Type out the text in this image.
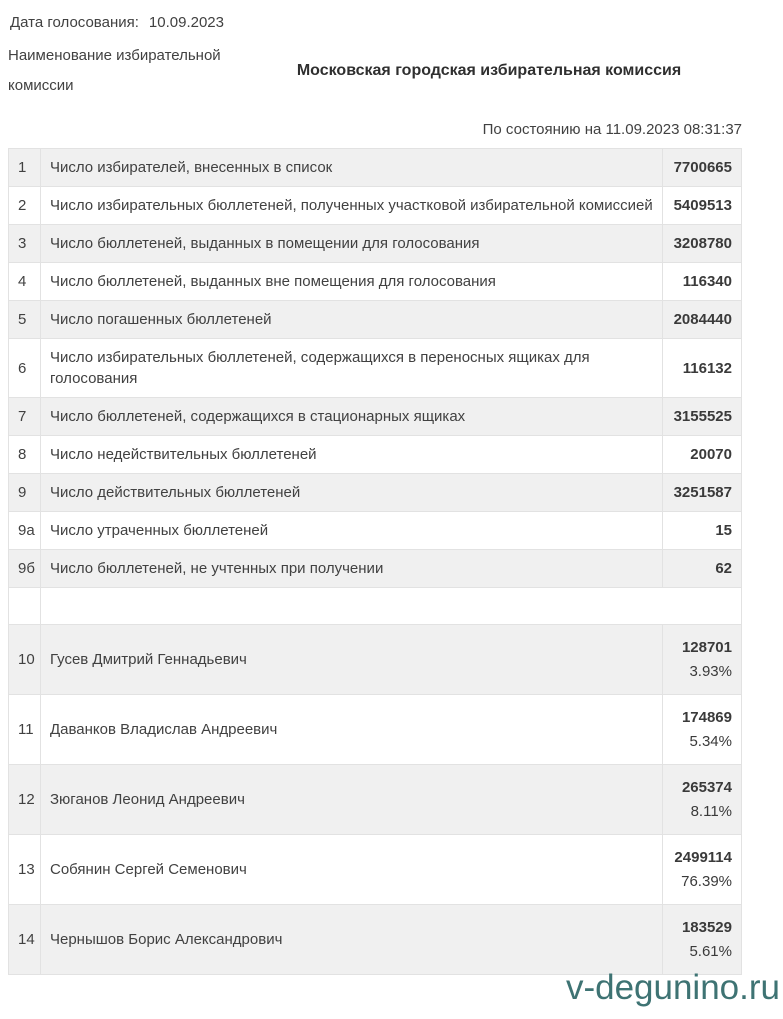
Дата голосования: 10.09.2023
Наименование избирательной комиссии
Московская городская избирательная комиссия
По состоянию на 11.09.2023 08:31:37
1	Число избирателей, внесенных в список	7700665
2	Число избирательных бюллетеней, полученных участковой избирательной комиссией	5409513
3	Число бюллетеней, выданных в помещении для голосования	3208780
4	Число бюллетеней, выданных вне помещения для голосования	116340
5	Число погашенных бюллетеней	2084440
6	Число избирательных бюллетеней, содержащихся в переносных ящиках для голосования	116132
7	Число бюллетеней, содержащихся в стационарных ящиках	3155525
8	Число недействительных бюллетеней	20070
9	Число действительных бюллетеней	3251587
9а	Число утраченных бюллетеней	15
9б	Число бюллетеней, не учтенных при получении	62

10	Гусев Дмитрий Геннадьевич	128701
3.93%

11	Даванков Владислав Андреевич	174869
5.34%

12	Зюганов Леонид Андреевич	265374
8.11%

13	Собянин Сергей Семенович	2499114
76.39%

14	Чернышов Борис Александрович	183529
5.61%
v-degunino.ru
